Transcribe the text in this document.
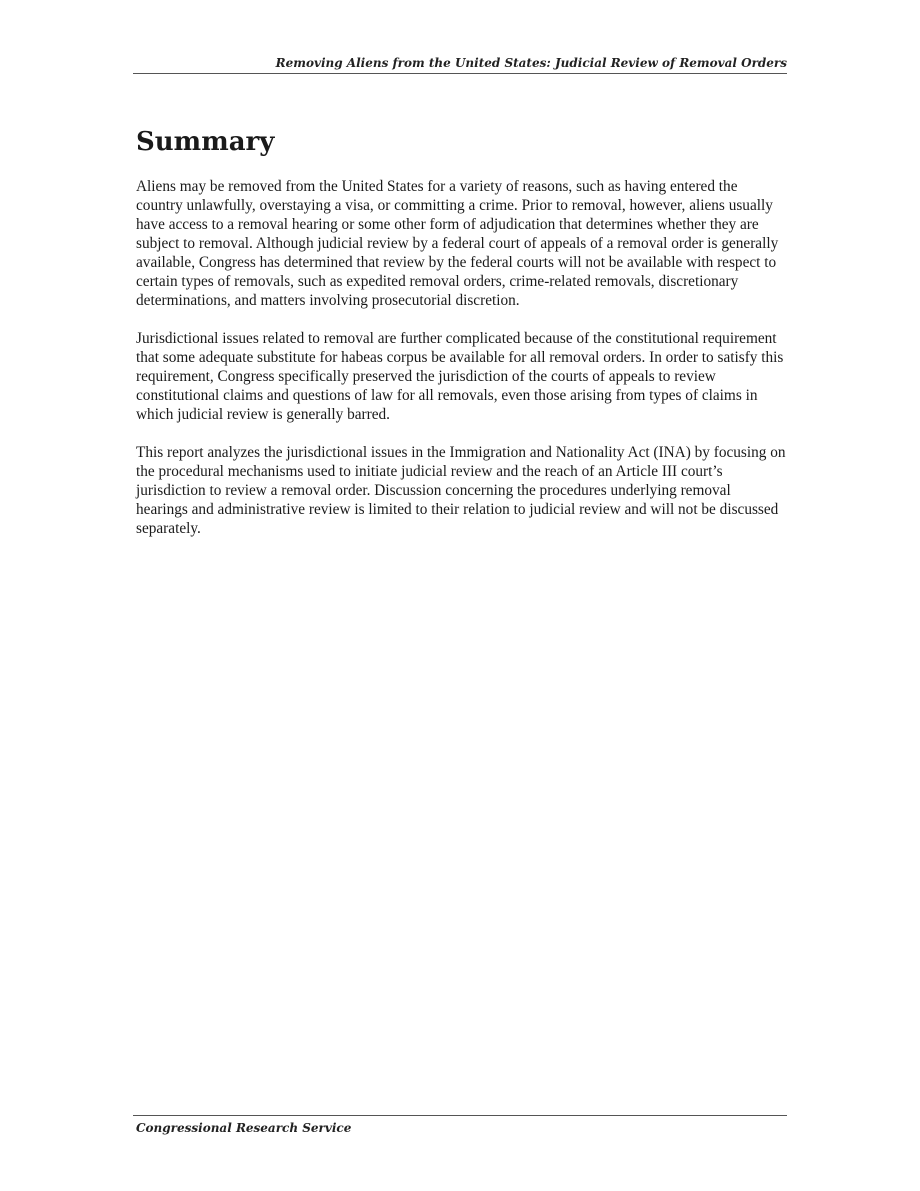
Removing Aliens from the United States: Judicial Review of Removal Orders
Summary

Aliens may be removed from the United States for a variety of reasons, such as having entered the country unlawfully, overstaying a visa, or committing a crime. Prior to removal, however, aliens usually have access to a removal hearing or some other form of adjudication that determines whether they are subject to removal. Although judicial review by a federal court of appeals of a removal order is generally available, Congress has determined that review by the federal courts will not be available with respect to certain types of removals, such as expedited removal orders, crime-related removals, discretionary determinations, and matters involving prosecutorial discretion.

Jurisdictional issues related to removal are further complicated because of the constitutional requirement that some adequate substitute for habeas corpus be available for all removal orders. In order to satisfy this requirement, Congress specifically preserved the jurisdiction of the courts of appeals to review constitutional claims and questions of law for all removals, even those arising from types of claims in which judicial review is generally barred.

This report analyzes the jurisdictional issues in the Immigration and Nationality Act (INA) by focusing on the procedural mechanisms used to initiate judicial review and the reach of an Article III court’s jurisdiction to review a removal order. Discussion concerning the procedures underlying removal hearings and administrative review is limited to their relation to judicial review and will not be discussed separately.

Congressional Research Service
